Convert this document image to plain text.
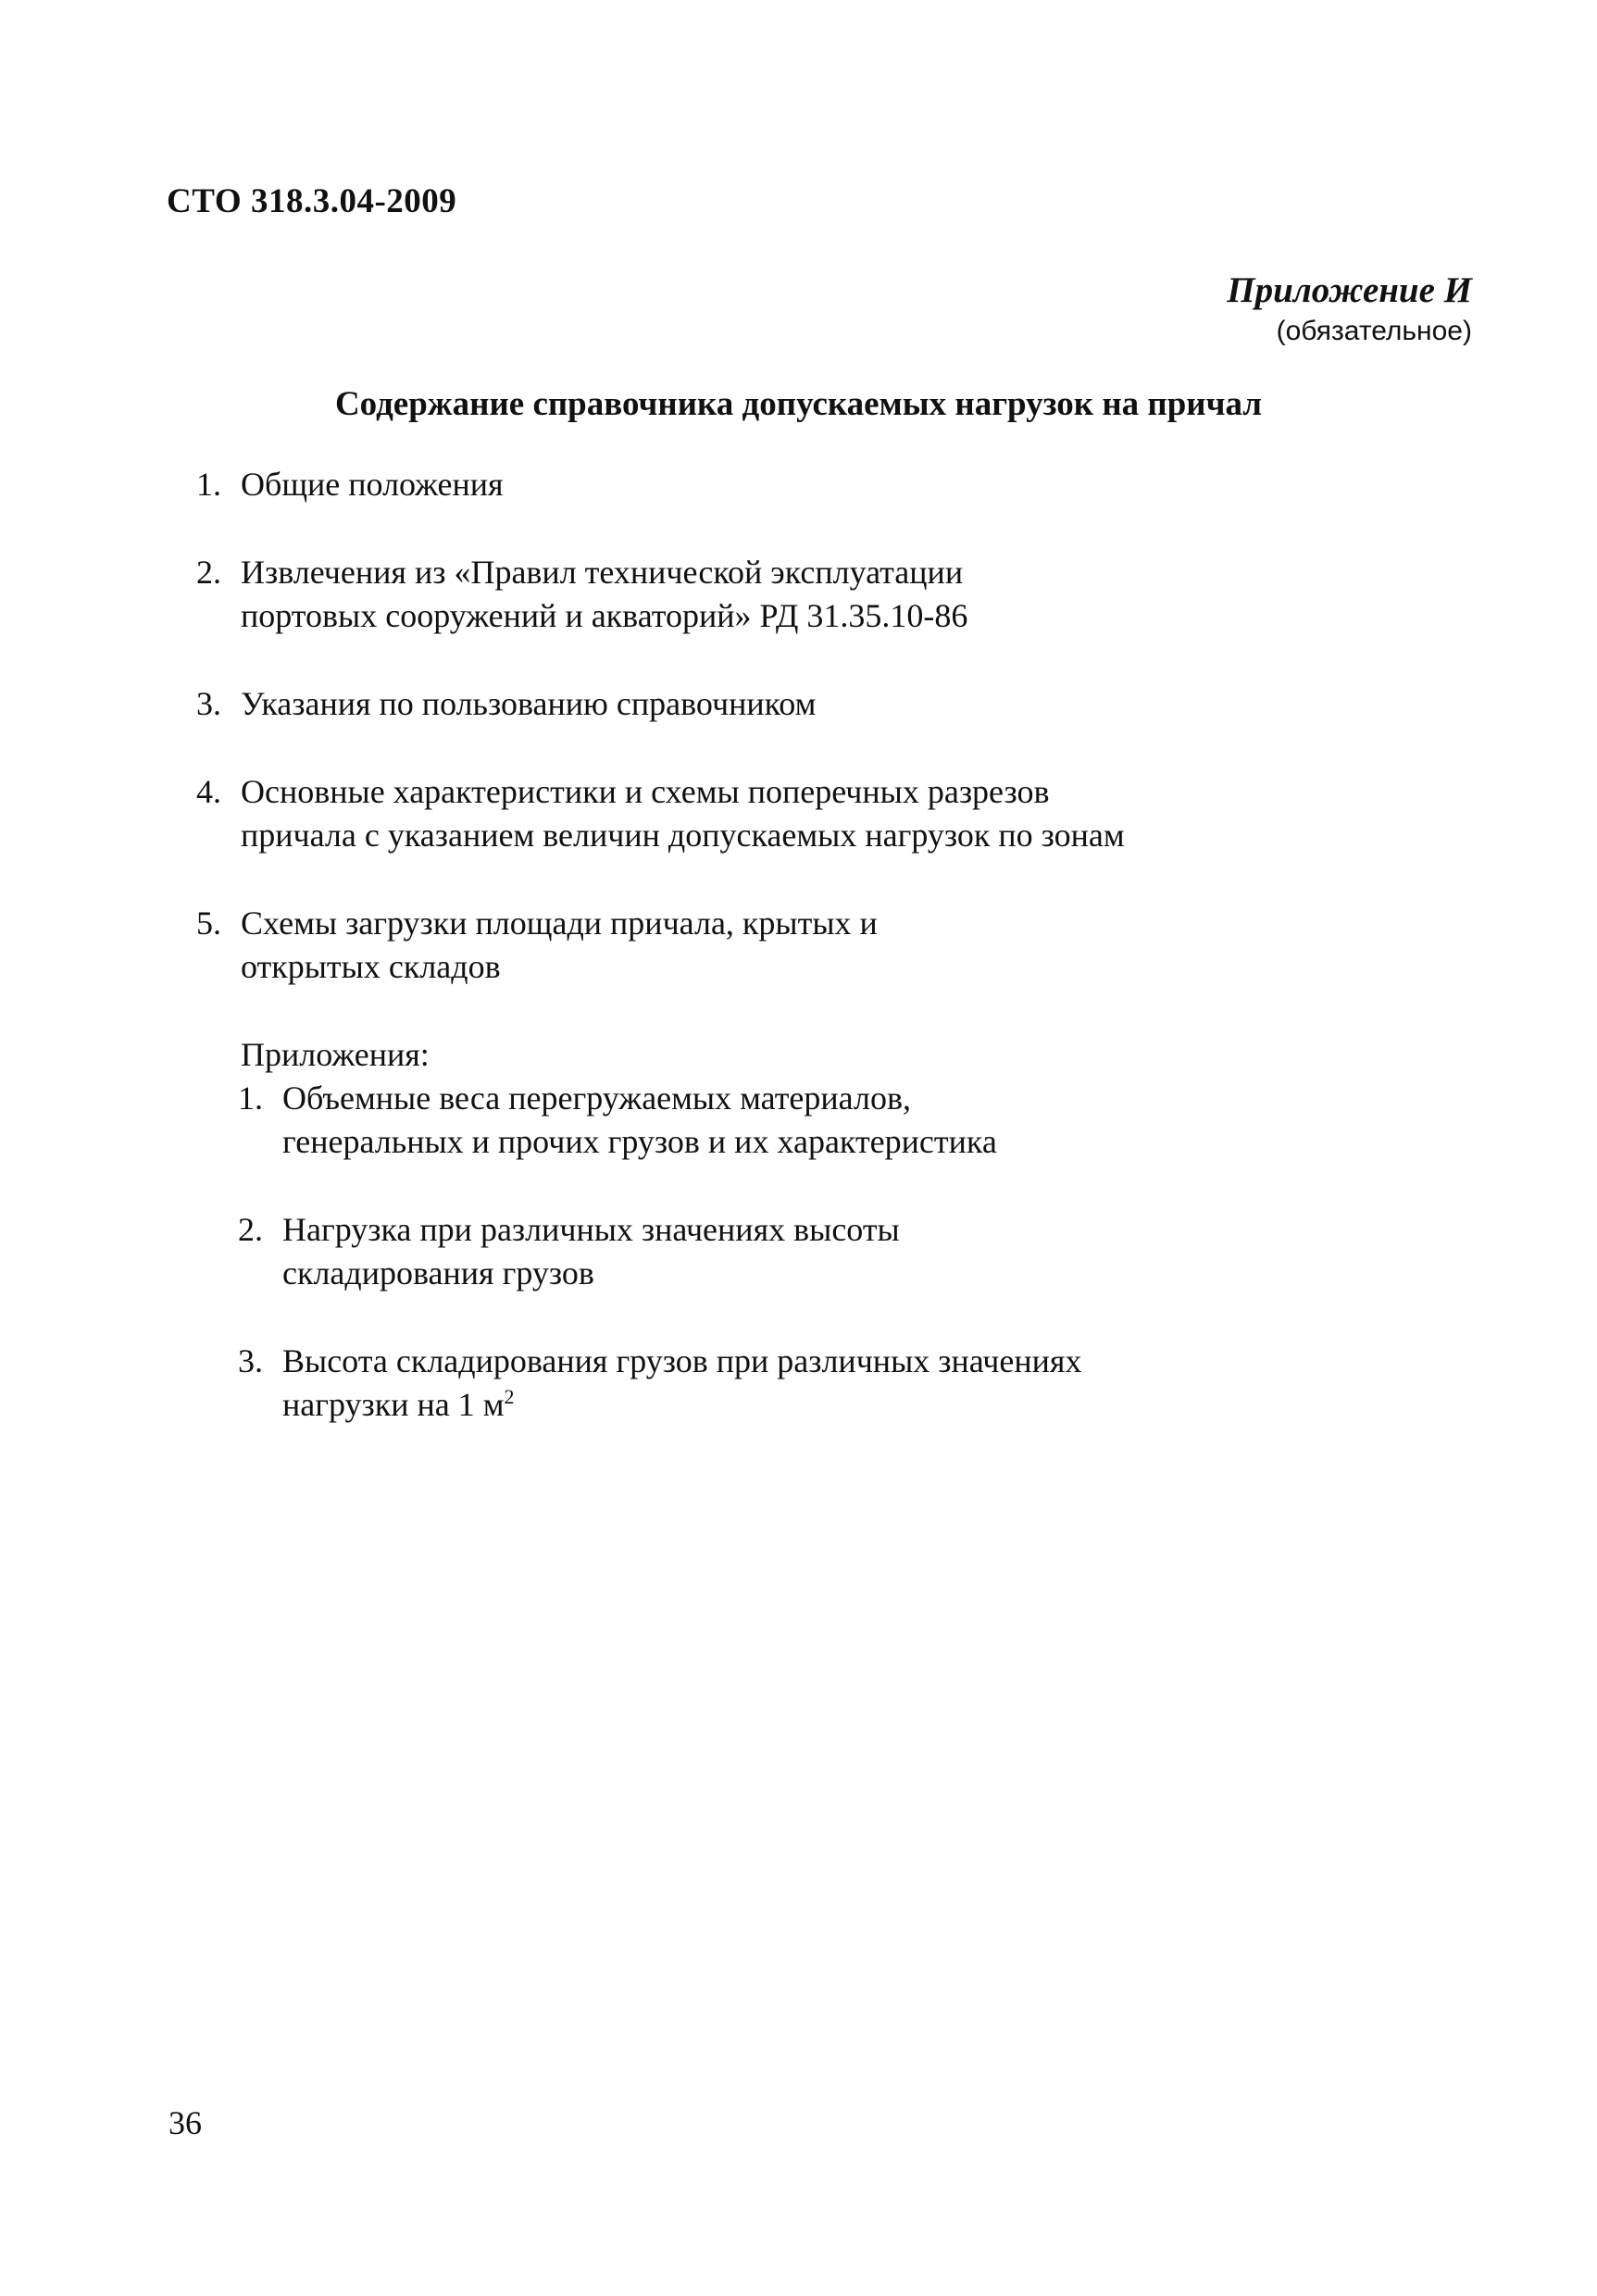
СТО 318.3.04-2009
Приложение И
(обязательное)
Содержание справочника допускаемых нагрузок на причал
1. Общие положения
2. Извлечения из «Правил технической эксплуатации
портовых сооружений и акваторий» РД 31.35.10-86
3. Указания по пользованию справочником
4. Основные характеристики и схемы поперечных разрезов
причала с указанием величин допускаемых нагрузок по зонам
5. Схемы загрузки площади причала, крытых и
открытых складов
Приложения:
1. Объемные веса перегружаемых материалов,
генеральных и прочих грузов и их характеристика
2. Нагрузка при различных значениях высоты
складирования грузов
3. Высота складирования грузов при различных значениях
нагрузки на 1 $м^2$
36
